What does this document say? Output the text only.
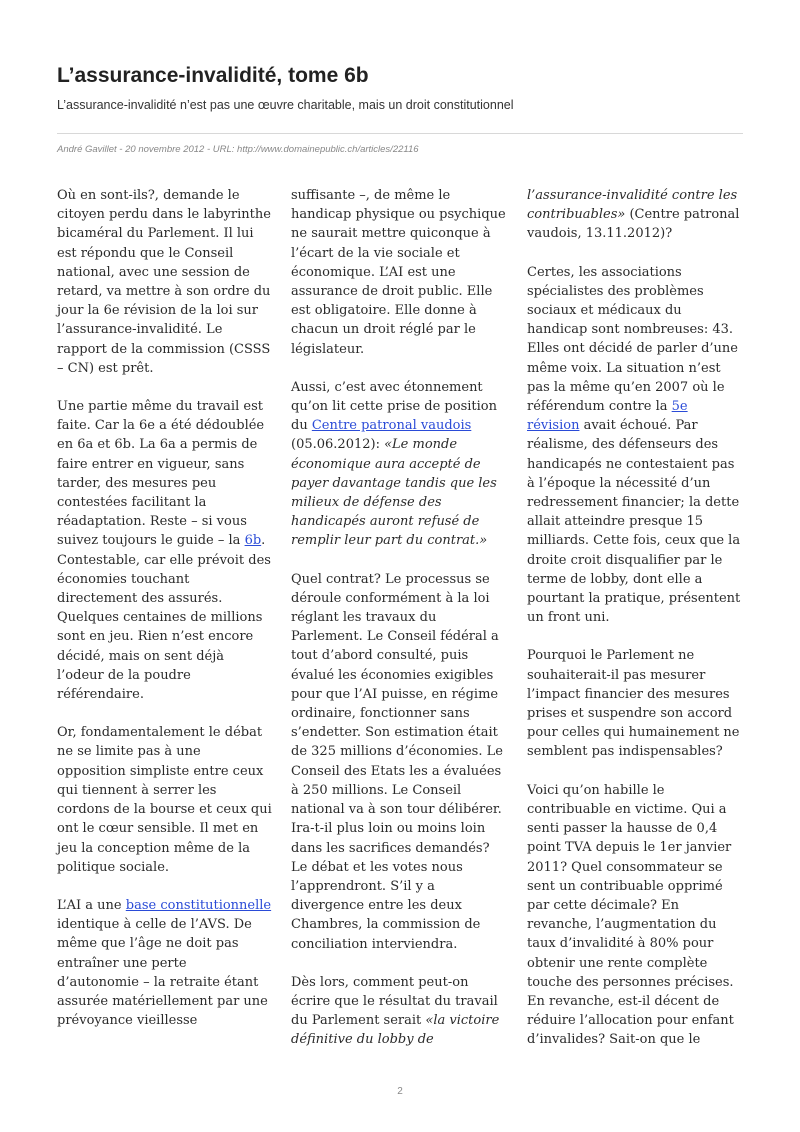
L’assurance-invalidité, tome 6b
L’assurance-invalidité n’est pas une œuvre charitable, mais un droit constitutionnel
André Gavillet - 20 novembre 2012 - URL: http://www.domainepublic.ch/articles/22116

Où en sont-ils?, demande le citoyen perdu dans le labyrinthe bicaméral du Parlement. Il lui est répondu que le Conseil national, avec une session de retard, va mettre à son ordre du jour la 6e révision de la loi sur l’assurance-invalidité. Le rapport de la commission (CSSS – CN) est prêt.

Une partie même du travail est faite. Car la 6e a été dédoublée en 6a et 6b. La 6a a permis de faire entrer en vigueur, sans tarder, des mesures peu contestées facilitant la réadaptation. Reste – si vous suivez toujours le guide – la 6b. Contestable, car elle prévoit des économies touchant directement des assurés. Quelques centaines de millions sont en jeu. Rien n’est encore décidé, mais on sent déjà l’odeur de la poudre référendaire.

Or, fondamentalement le débat ne se limite pas à une opposition simpliste entre ceux qui tiennent à serrer les cordons de la bourse et ceux qui ont le cœur sensible. Il met en jeu la conception même de la politique sociale.

L’AI a une base constitutionnelle identique à celle de l’AVS. De même que l’âge ne doit pas entraîner une perte d’autonomie – la retraite étant assurée matériellement par une prévoyance vieillesse

suffisante –, de même le handicap physique ou psychique ne saurait mettre quiconque à l’écart de la vie sociale et économique. L’AI est une assurance de droit public. Elle est obligatoire. Elle donne à chacun un droit réglé par le législateur.

Aussi, c’est avec étonnement qu’on lit cette prise de position du Centre patronal vaudois (05.06.2012): «Le monde économique aura accepté de payer davantage tandis que les milieux de défense des handicapés auront refusé de remplir leur part du contrat.»

Quel contrat? Le processus se déroule conformément à la loi réglant les travaux du Parlement. Le Conseil fédéral a tout d’abord consulté, puis évalué les économies exigibles pour que l’AI puisse, en régime ordinaire, fonctionner sans s’endetter. Son estimation était de 325 millions d’économies. Le Conseil des Etats les a évaluées à 250 millions. Le Conseil national va à son tour délibérer. Ira-t-il plus loin ou moins loin dans les sacrifices demandés? Le débat et les votes nous l’apprendront. S’il y a divergence entre les deux Chambres, la commission de conciliation interviendra.

Dès lors, comment peut-on écrire que le résultat du travail du Parlement serait «la victoire définitive du lobby de

l’assurance-invalidité contre les contribuables» (Centre patronal vaudois, 13.11.2012)?

Certes, les associations spécialistes des problèmes sociaux et médicaux du handicap sont nombreuses: 43. Elles ont décidé de parler d’une même voix. La situation n’est pas la même qu’en 2007 où le référendum contre la 5e révision avait échoué. Par réalisme, des défenseurs des handicapés ne contestaient pas à l’époque la nécessité d’un redressement financier; la dette allait atteindre presque 15 milliards. Cette fois, ceux que la droite croit disqualifier par le terme de lobby, dont elle a pourtant la pratique, présentent un front uni.

Pourquoi le Parlement ne souhaiterait-il pas mesurer l’impact financier des mesures prises et suspendre son accord pour celles qui humainement ne semblent pas indispensables?

Voici qu’on habille le contribuable en victime. Qui a senti passer la hausse de 0,4 point TVA depuis le 1er janvier 2011? Quel consommateur se sent un contribuable opprimé par cette décimale? En revanche, l’augmentation du taux d’invalidité à 80% pour obtenir une rente complète touche des personnes précises. En revanche, est-il décent de réduire l’allocation pour enfant d’invalides? Sait-on que le

2
